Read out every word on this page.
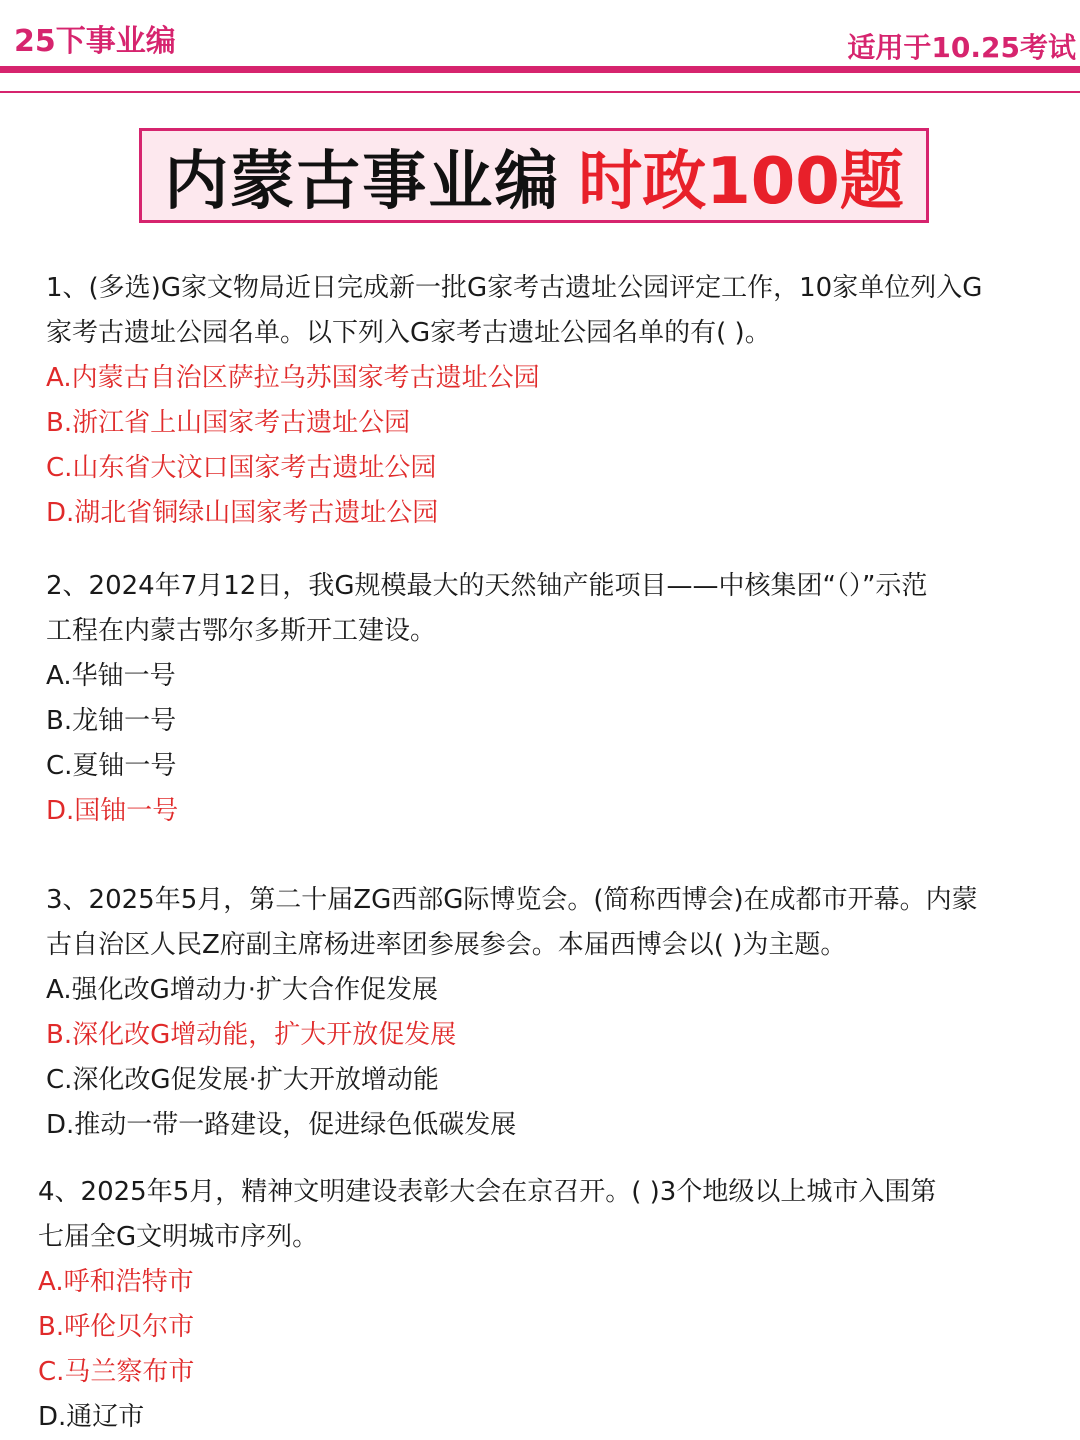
25下事业编	适用于10.25考试
内蒙古事业编 时政100题

1、(多选)G家文物局近日完成新一批G家考古遗址公园评定工作，10家单位列入G

家考古遗址公园名单。以下列入G家考古遗址公园名单的有( )。

A.内蒙古自治区萨拉乌苏国家考古遗址公园

B.浙江省上山国家考古遗址公园

C.山东省大汶口国家考古遗址公园

D.湖北省铜绿山国家考古遗址公园

2、2024年7月12日，我G规模最大的天然铀产能项目——中核集团“（）”示范

工程在内蒙古鄂尔多斯开工建设。

A.华铀一号

B.龙铀一号

C.夏铀一号

D.国铀一号

3、2025年5月，第二十届ZG西部G际博览会。(简称西博会)在成都市开幕。内蒙

古自治区人民Z府副主席杨进率团参展参会。本届西博会以( )为主题。

A.强化改G增动力·扩大合作促发展

B.深化改G增动能，扩大开放促发展

C.深化改G促发展·扩大开放增动能

D.推动一带一路建设，促进绿色低碳发展

4、2025年5月，精神文明建设表彰大会在京召开。( )3个地级以上城市入围第

七届全G文明城市序列。

A.呼和浩特市

B.呼伦贝尔市

C.马兰察布市

D.通辽市
